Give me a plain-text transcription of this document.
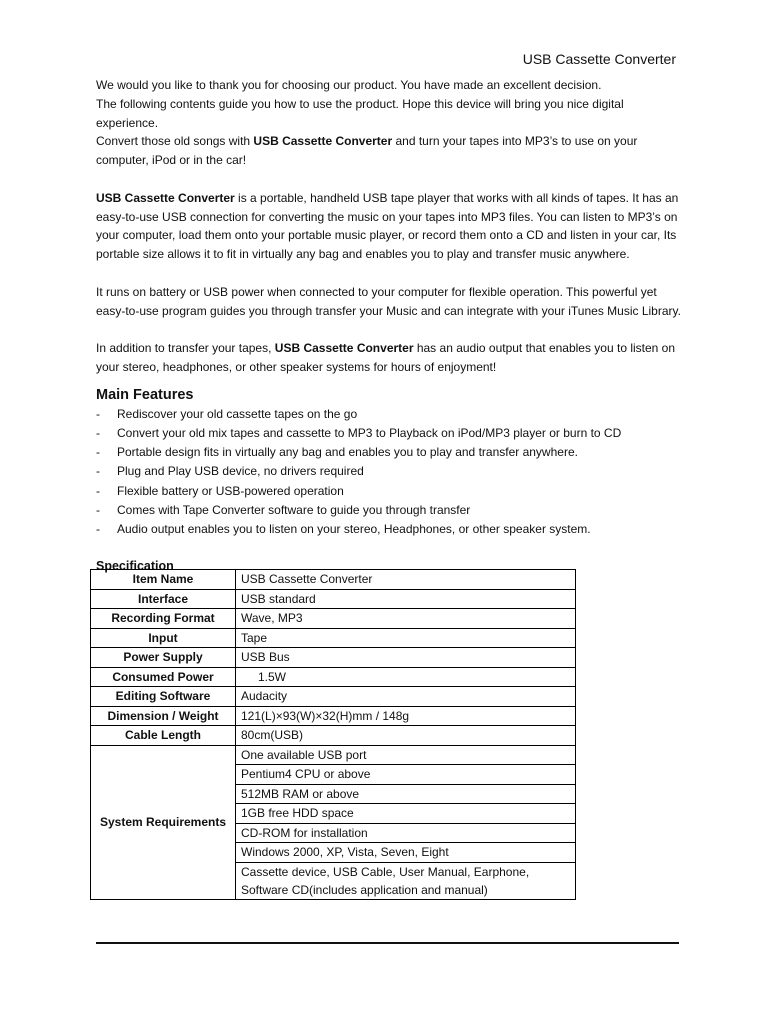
USB Cassette Converter

We would you like to thank you for choosing our product. You have made an excellent decision.

The following contents guide you how to use the product. Hope this device will bring you nice digital experience.

Convert those old songs with USB Cassette Converter and turn your tapes into MP3’s to use on your computer, iPod or in the car!

USB Cassette Converter is a portable, handheld USB tape player that works with all kinds of tapes. It has an easy-to-use USB connection for converting the music on your tapes into MP3 files. You can listen to MP3’s on your computer, load them onto your portable music player, or record them onto a CD and listen in your car, Its portable size allows it to fit in virtually any bag and enables you to play and transfer music anywhere.

It runs on battery or USB power when connected to your computer for flexible operation. This powerful yet easy-to-use program guides you through transfer your Music and can integrate with your iTunes Music Library.

In addition to transfer your tapes, USB Cassette Converter has an audio output that enables you to listen on your stereo, headphones, or other speaker systems for hours of enjoyment!

Main Features
- Rediscover your old cassette tapes on the go
- Convert your old mix tapes and cassette to MP3 to Playback on iPod/MP3 player or burn to CD
- Portable design fits in virtually any bag and enables you to play and transfer anywhere.
- Plug and Play USB device, no drivers required
- Flexible battery or USB-powered operation
- Comes with Tape Converter software to guide you through transfer
- Audio output enables you to listen on your stereo, Headphones, or other speaker system.
Specification
Item Name	USB Cassette Converter
Interface	USB standard
Recording Format	Wave, MP3
Input	Tape
Power Supply	USB Bus
Consumed Power	1.5W
Editing Software	Audacity
Dimension / Weight	121(L)×93(W)×32(H)mm / 148g
Cable Length	80cm(USB)
System Requirements	One available USB port
	Pentium4 CPU or above
	512MB RAM or above
	1GB free HDD space
	CD-ROM for installation
	Windows 2000, XP, Vista, Seven, Eight

	Cassette device, USB Cable, User Manual, Earphone,
Software CD(includes application and manual)
